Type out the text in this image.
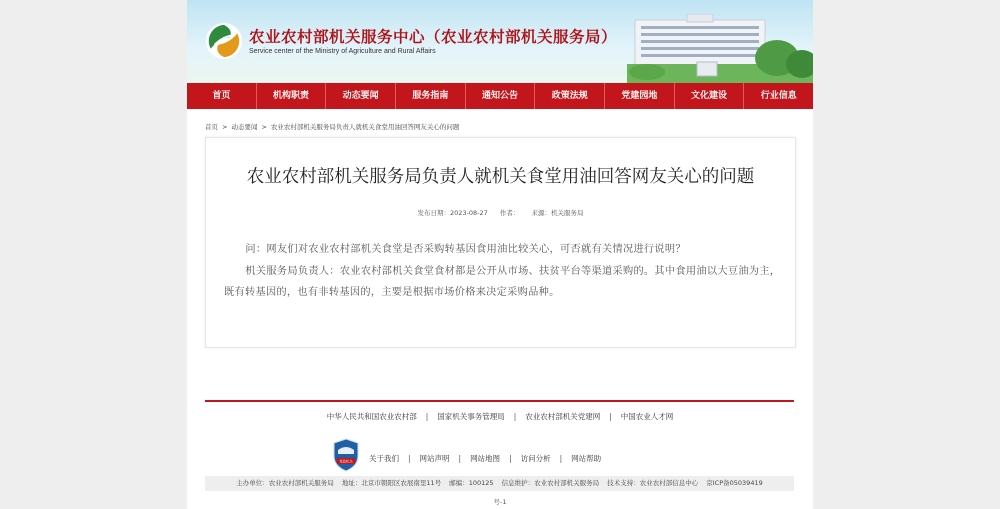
农业农村部机关服务中心（农业农村部机关服务局）
Service center of the Ministry of Agriculture and Rural Affairs
首页	机构职责	动态要闻	服务指南	通知公告	政策法规	党建园地	文化建设	行业信息
首页 > 动态要闻 > 农业农村部机关服务局负责人就机关食堂用油回答网友关心的问题
农业农村部机关服务局负责人就机关食堂用油回答网友关心的问题
发布日期：2023-08-27 作者： 来源：机关服务局

问：网友们对农业农村部机关食堂是否采购转基因食用油比较关心，可否就有关情况进行说明？

机关服务局负责人：农业农村部机关食堂食材都是公开从市场、扶贫平台等渠道采购的。其中食用油以大豆油为主，既有转基因的，也有非转基因的，主要是根据市场价格来决定采购品种。

中华人民共和国农业农村部 | 国家机关事务管理局 | 农业农村部机关党建网 | 中国农业人才网
党政机关 关于我们 | 网站声明 | 网站地图 | 访问分析 | 网站帮助
主办单位：农业农村部机关服务局 地址：北京市朝阳区农展南里11号 邮编：100125 信息维护：农业农村部机关服务局 技术支持：农业农村部信息中心 京ICP备05039419
号-1
